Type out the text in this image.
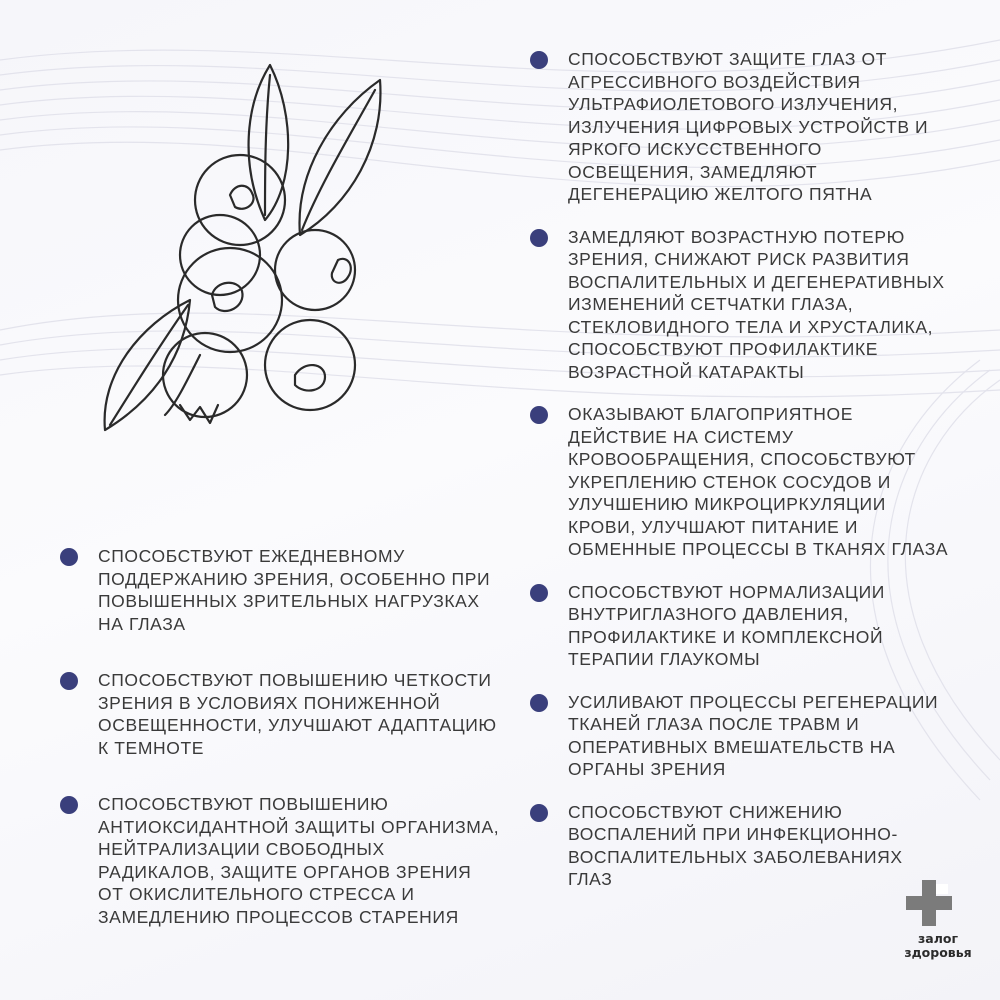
СПОСОБСТВУЮТ ЕЖЕДНЕВНОМУ ПОДДЕРЖАНИЮ ЗРЕНИЯ, ОСОБЕННО ПРИ ПОВЫШЕННЫХ ЗРИТЕЛЬНЫХ НАГРУЗКАХ НА ГЛАЗА
СПОСОБСТВУЮТ ПОВЫШЕНИЮ ЧЕТКОСТИ ЗРЕНИЯ В УСЛОВИЯХ ПОНИЖЕННОЙ ОСВЕЩЕННОСТИ, УЛУЧШАЮТ АДАПТАЦИЮ К ТЕМНОТЕ
СПОСОБСТВУЮТ ПОВЫШЕНИЮ АНТИОКСИДАНТНОЙ ЗАЩИТЫ ОРГАНИЗМА, НЕЙТРАЛИЗАЦИИ СВОБОДНЫХ РАДИКАЛОВ, ЗАЩИТЕ ОРГАНОВ ЗРЕНИЯ ОТ ОКИСЛИТЕЛЬНОГО СТРЕССА И ЗАМЕДЛЕНИЮ ПРОЦЕССОВ СТАРЕНИЯ
СПОСОБСТВУЮТ ЗАЩИТЕ ГЛАЗ ОТ АГРЕССИВНОГО ВОЗДЕЙСТВИЯ УЛЬТРАФИОЛЕТОВОГО ИЗЛУЧЕНИЯ, ИЗЛУЧЕНИЯ ЦИФРОВЫХ УСТРОЙСТВ И ЯРКОГО ИСКУССТВЕННОГО ОСВЕЩЕНИЯ, ЗАМЕДЛЯЮТ ДЕГЕНЕРАЦИЮ ЖЕЛТОГО ПЯТНА
ЗАМЕДЛЯЮТ ВОЗРАСТНУЮ ПОТЕРЮ ЗРЕНИЯ, СНИЖАЮТ РИСК РАЗВИТИЯ ВОСПАЛИТЕЛЬНЫХ И ДЕГЕНЕРАТИВНЫХ ИЗМЕНЕНИЙ СЕТЧАТКИ ГЛАЗА, СТЕКЛОВИДНОГО ТЕЛА И ХРУСТАЛИКА, СПОСОБСТВУЮТ ПРОФИЛАКТИКЕ ВОЗРАСТНОЙ КАТАРАКТЫ
ОКАЗЫВАЮТ БЛАГОПРИЯТНОЕ ДЕЙСТВИЕ НА СИСТЕМУ КРОВООБРАЩЕНИЯ, СПОСОБСТВУЮТ УКРЕПЛЕНИЮ СТЕНОК СОСУДОВ И УЛУЧШЕНИЮ МИКРОЦИРКУЛЯЦИИ КРОВИ, УЛУЧШАЮТ ПИТАНИЕ И ОБМЕННЫЕ ПРОЦЕССЫ В ТКАНЯХ ГЛАЗА
СПОСОБСТВУЮТ НОРМАЛИЗАЦИИ ВНУТРИГЛАЗНОГО ДАВЛЕНИЯ, ПРОФИЛАКТИКЕ И КОМПЛЕКСНОЙ ТЕРАПИИ ГЛАУКОМЫ
УСИЛИВАЮТ ПРОЦЕССЫ РЕГЕНЕРАЦИИ ТКАНЕЙ ГЛАЗА ПОСЛЕ ТРАВМ И ОПЕРАТИВНЫХ ВМЕШАТЕЛЬСТВ НА ОРГАНЫ ЗРЕНИЯ
СПОСОБСТВУЮТ СНИЖЕНИЮ ВОСПАЛЕНИЙ ПРИ ИНФЕКЦИОННО-ВОСПАЛИТЕЛЬНЫХ ЗАБОЛЕВАНИЯХ ГЛАЗ
залог
здоровья
